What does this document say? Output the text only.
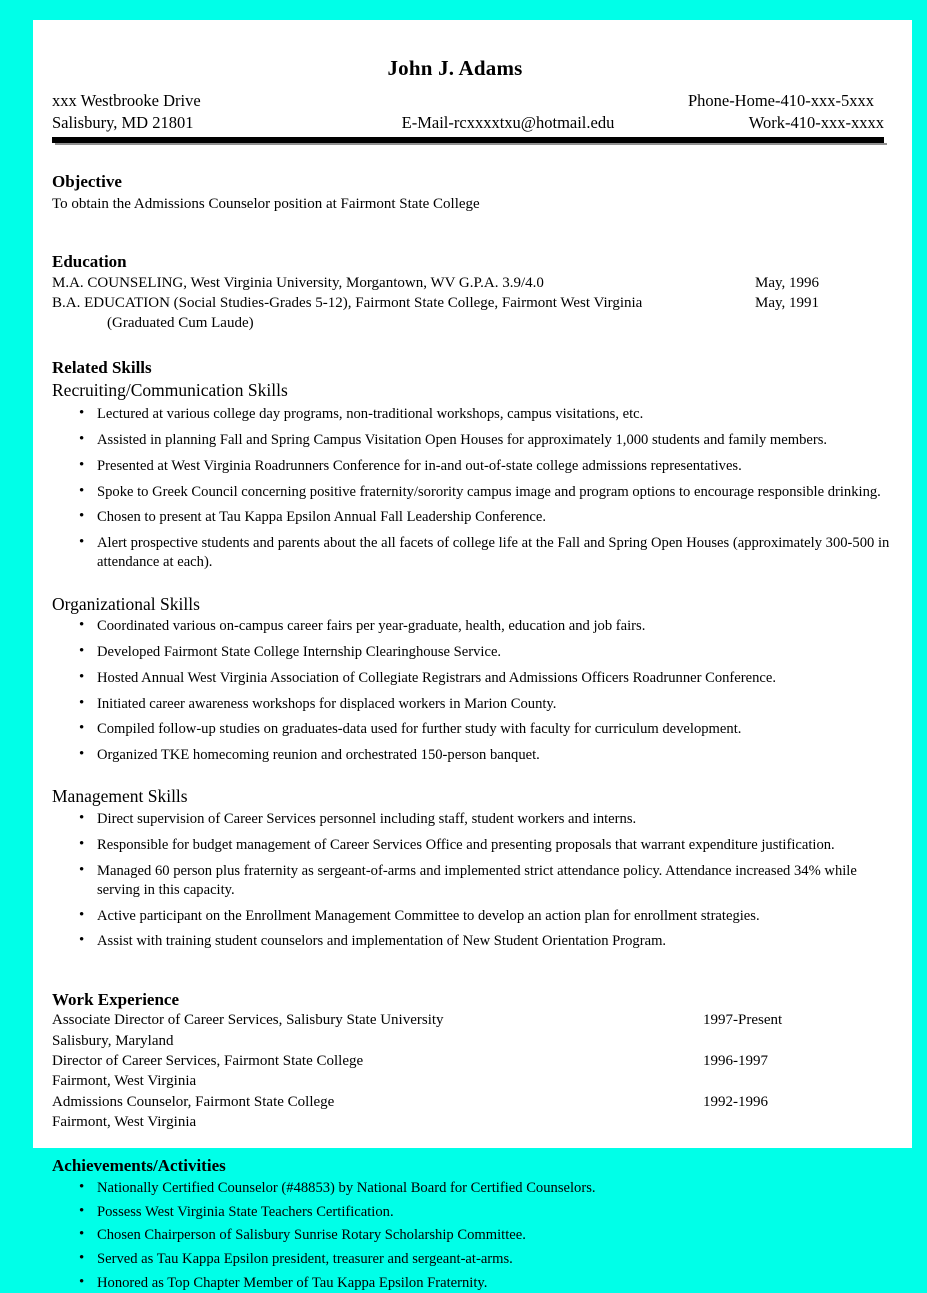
John J. Adams
xxx Westbrooke Drive	Phone-Home-410-xxx-5xxx
Salisbury, MD 21801	E-Mail-rcxxxxtxu@hotmail.edu	Work-410-xxx-xxxx
Objective
To obtain the Admissions Counselor position at Fairmont State College
Education
M.A. COUNSELING, West Virginia University, Morgantown, WV G.P.A. 3.9/4.0	May, 1996
B.A. EDUCATION (Social Studies-Grades 5-12), Fairmont State College, Fairmont West Virginia	May, 1991
(Graduated Cum Laude)
Related Skills
Recruiting/Communication Skills
• Lectured at various college day programs, non-traditional workshops, campus visitations, etc.
• Assisted in planning Fall and Spring Campus Visitation Open Houses for approximately 1,000 students and family members.
• Presented at West Virginia Roadrunners Conference for in-and out-of-state college admissions representatives.
• Spoke to Greek Council concerning positive fraternity/sorority campus image and program options to encourage responsible drinking.
• Chosen to present at Tau Kappa Epsilon Annual Fall Leadership Conference.
• Alert prospective students and parents about the all facets of college life at the Fall and Spring Open Houses (approximately 300-500 in attendance at each).
Organizational Skills
• Coordinated various on-campus career fairs per year-graduate, health, education and job fairs.
• Developed Fairmont State College Internship Clearinghouse Service.
• Hosted Annual West Virginia Association of Collegiate Registrars and Admissions Officers Roadrunner Conference.
• Initiated career awareness workshops for displaced workers in Marion County.
• Compiled follow-up studies on graduates-data used for further study with faculty for curriculum development.
• Organized TKE homecoming reunion and orchestrated 150-person banquet.
Management Skills
• Direct supervision of Career Services personnel including staff, student workers and interns.
• Responsible for budget management of Career Services Office and presenting proposals that warrant expenditure justification.
• Managed 60 person plus fraternity as sergeant-of-arms and implemented strict attendance policy. Attendance increased 34% while serving in this capacity.
• Active participant on the Enrollment Management Committee to develop an action plan for enrollment strategies.
• Assist with training student counselors and implementation of New Student Orientation Program.
Work Experience
Associate Director of Career Services, Salisbury State University	1997-Present
Salisbury, Maryland
Director of Career Services, Fairmont State College	1996-1997
Fairmont, West Virginia
Admissions Counselor, Fairmont State College	1992-1996
Fairmont, West Virginia
Achievements/Activities
• Nationally Certified Counselor (#48853) by National Board for Certified Counselors.
• Possess West Virginia State Teachers Certification.
• Chosen Chairperson of Salisbury Sunrise Rotary Scholarship Committee.
• Served as Tau Kappa Epsilon president, treasurer and sergeant-at-arms.
• Honored as Top Chapter Member of Tau Kappa Epsilon Fraternity.
